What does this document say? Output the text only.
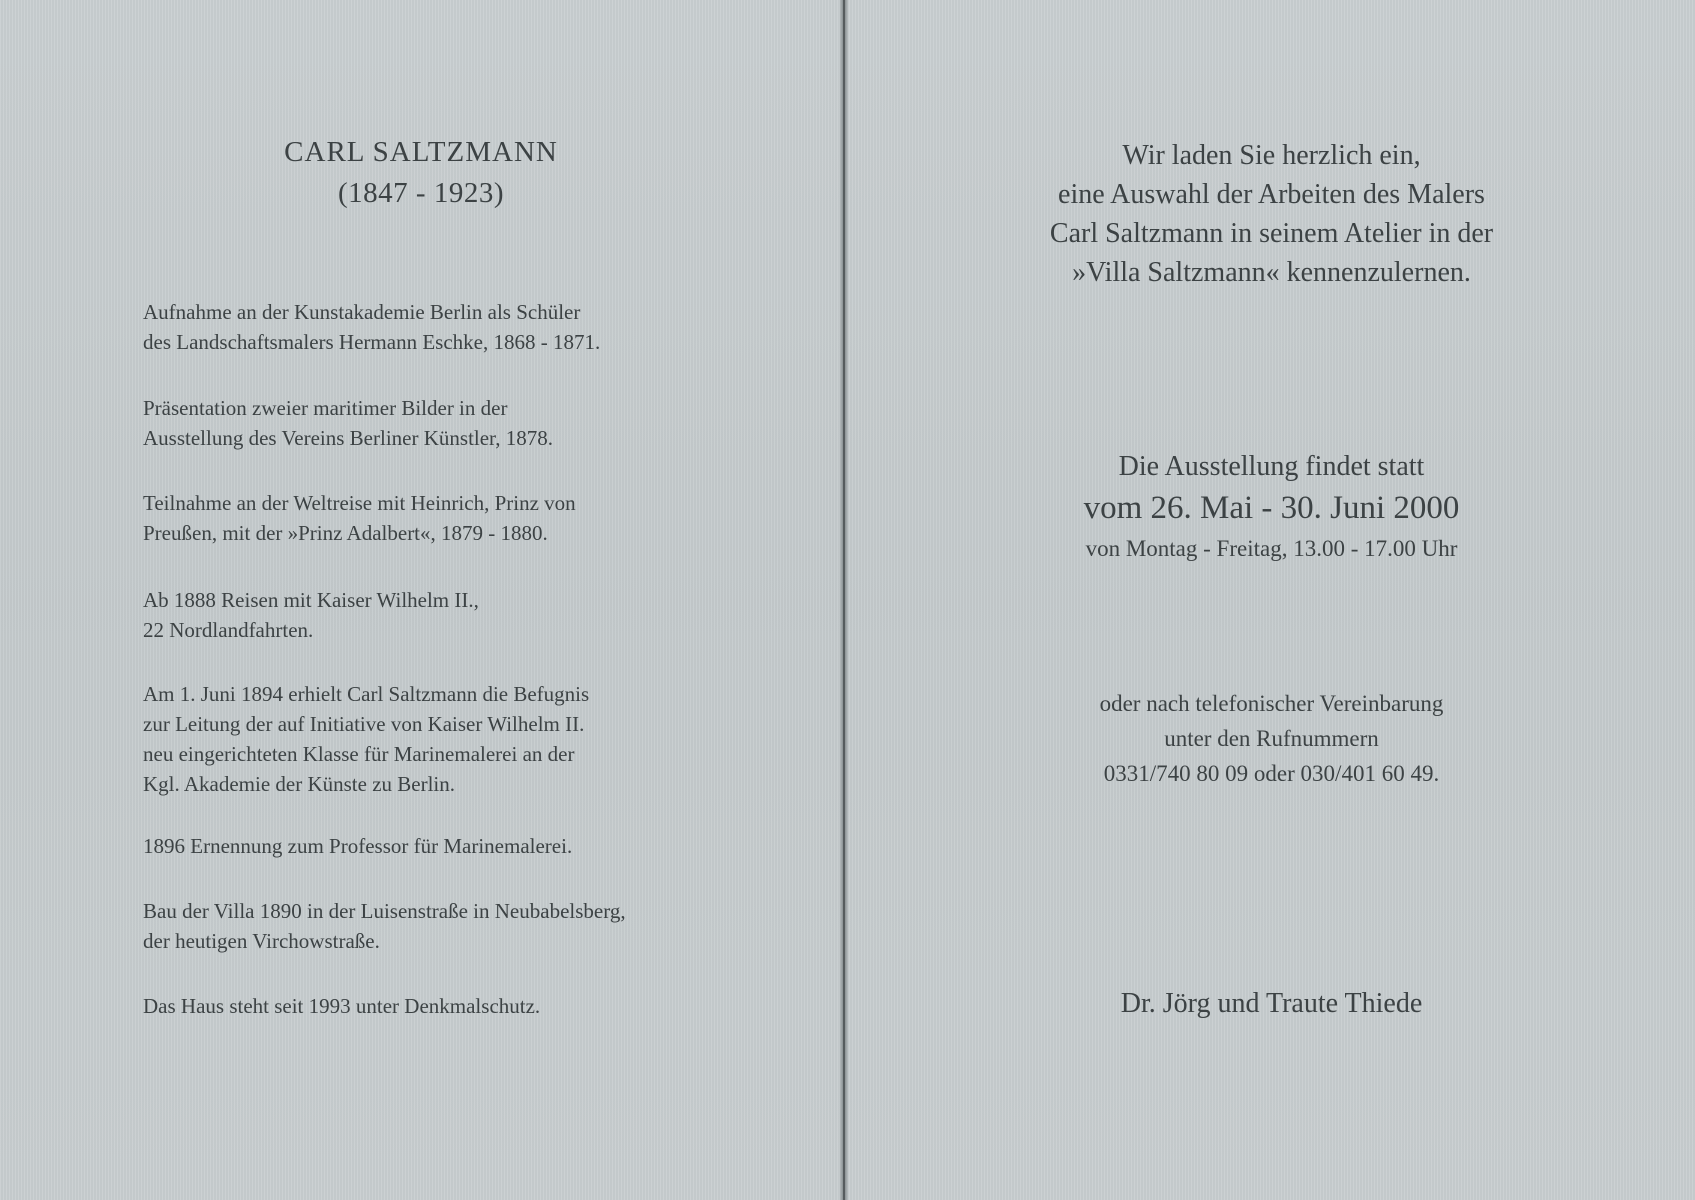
CARL SALTZMANN
(1847 - 1923)

Aufnahme an der Kunstakademie Berlin als Schüler
des Landschaftsmalers Hermann Eschke, 1868 - 1871.

Präsentation zweier maritimer Bilder in der
Ausstellung des Vereins Berliner Künstler, 1878.

Teilnahme an der Weltreise mit Heinrich, Prinz von
Preußen, mit der »Prinz Adalbert«, 1879 - 1880.

Ab 1888 Reisen mit Kaiser Wilhelm II.,
22 Nordlandfahrten.

Am 1. Juni 1894 erhielt Carl Saltzmann die Befugnis
zur Leitung der auf Initiative von Kaiser Wilhelm II.
neu eingerichteten Klasse für Marinemalerei an der
Kgl. Akademie der Künste zu Berlin.

1896 Ernennung zum Professor für Marinemalerei.

Bau der Villa 1890 in der Luisenstraße in Neubabelsberg,
der heutigen Virchowstraße.

Das Haus steht seit 1993 unter Denkmalschutz.

Wir laden Sie herzlich ein,
eine Auswahl der Arbeiten des Malers
Carl Saltzmann in seinem Atelier in der
»Villa Saltzmann« kennenzulernen.

Die Ausstellung findet statt

vom 26. Mai - 30. Juni 2000

von Montag - Freitag, 13.00 - 17.00 Uhr

oder nach telefonischer Vereinbarung
unter den Rufnummern
0331/740 80 09 oder 030/401 60 49.

Dr. Jörg und Traute Thiede
